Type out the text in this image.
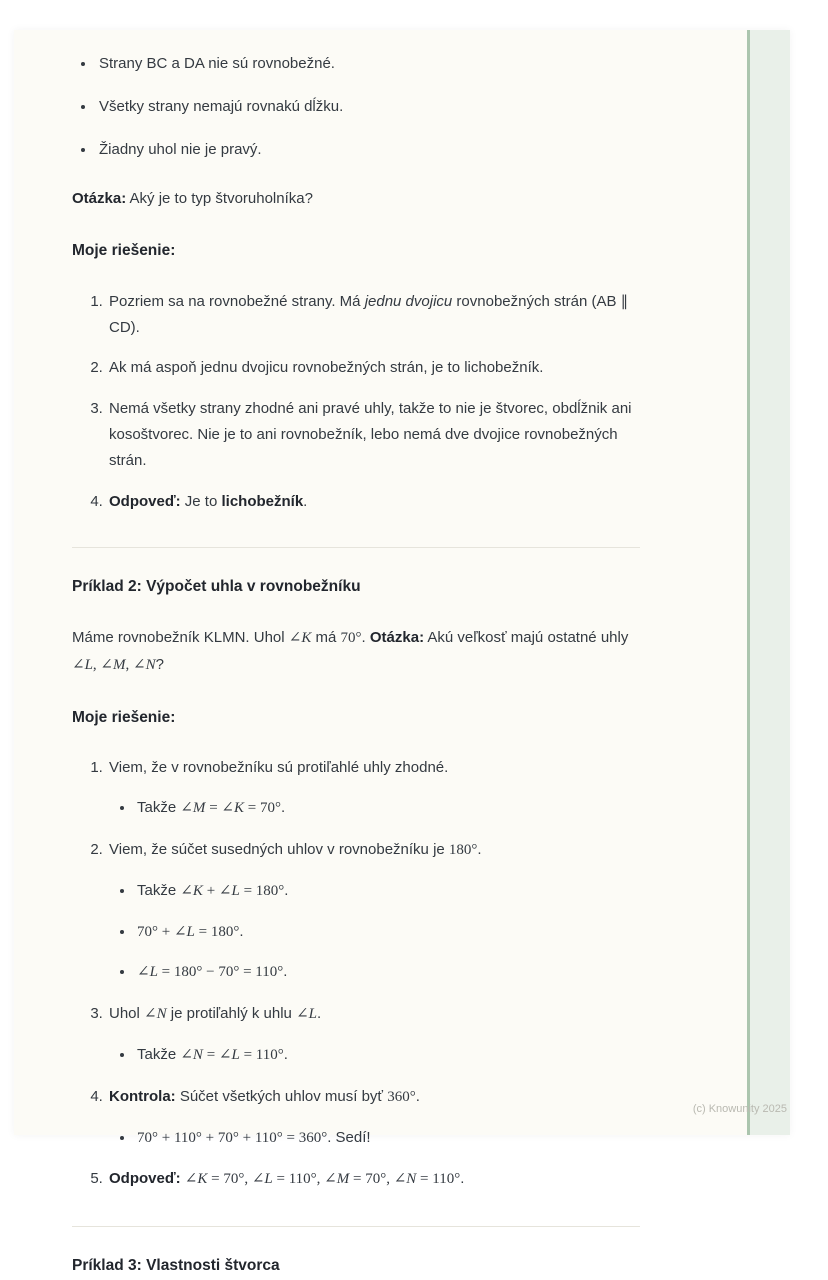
• Strany BC a DA nie sú rovnobežné.
• Všetky strany nemajú rovnakú dĺžku.
• Žiadny uhol nie je pravý.

Otázka: Aký je to typ štvoruholníka?

Moje riešenie:

1. Pozriem sa na rovnobežné strany. Má jednu dvojicu rovnobežných strán (AB ∥ CD).
2. Ak má aspoň jednu dvojicu rovnobežných strán, je to lichobežník.
3. Nemá všetky strany zhodné ani pravé uhly, takže to nie je štvorec, obdĺžnik ani kosoštvorec. Nie je to ani rovnobežník, lebo nemá dve dvojice rovnobežných strán.
4. Odpoveď: Je to lichobežník.

Príklad 2: Výpočet uhla v rovnobežníku

Máme rovnobežník KLMN. Uhol ∠K má 70°. Otázka: Akú veľkosť majú ostatné uhly ∠L, ∠M, ∠N?

Moje riešenie:

1. Viem, že v rovnobežníku sú protiľahlé uhly zhodné.
• Takže ∠M = ∠K = 70°.
2. Viem, že súčet susedných uhlov v rovnobežníku je 180°.
• Takže ∠K + ∠L = 180°.
• 70° + ∠L = 180°.
• ∠L = 180° − 70° = 110°.
3. Uhol ∠N je protiľahlý k uhlu ∠L.
• Takže ∠N = ∠L = 110°.
4. Kontrola: Súčet všetkých uhlov musí byť 360°.
• 70° + 110° + 70° + 110° = 360°. Sedí!
5. Odpoveď: ∠K = 70°, ∠L = 110°, ∠M = 70°, ∠N = 110°.

Príklad 3: Vlastnosti štvorca

(c) Knowunity 2025
